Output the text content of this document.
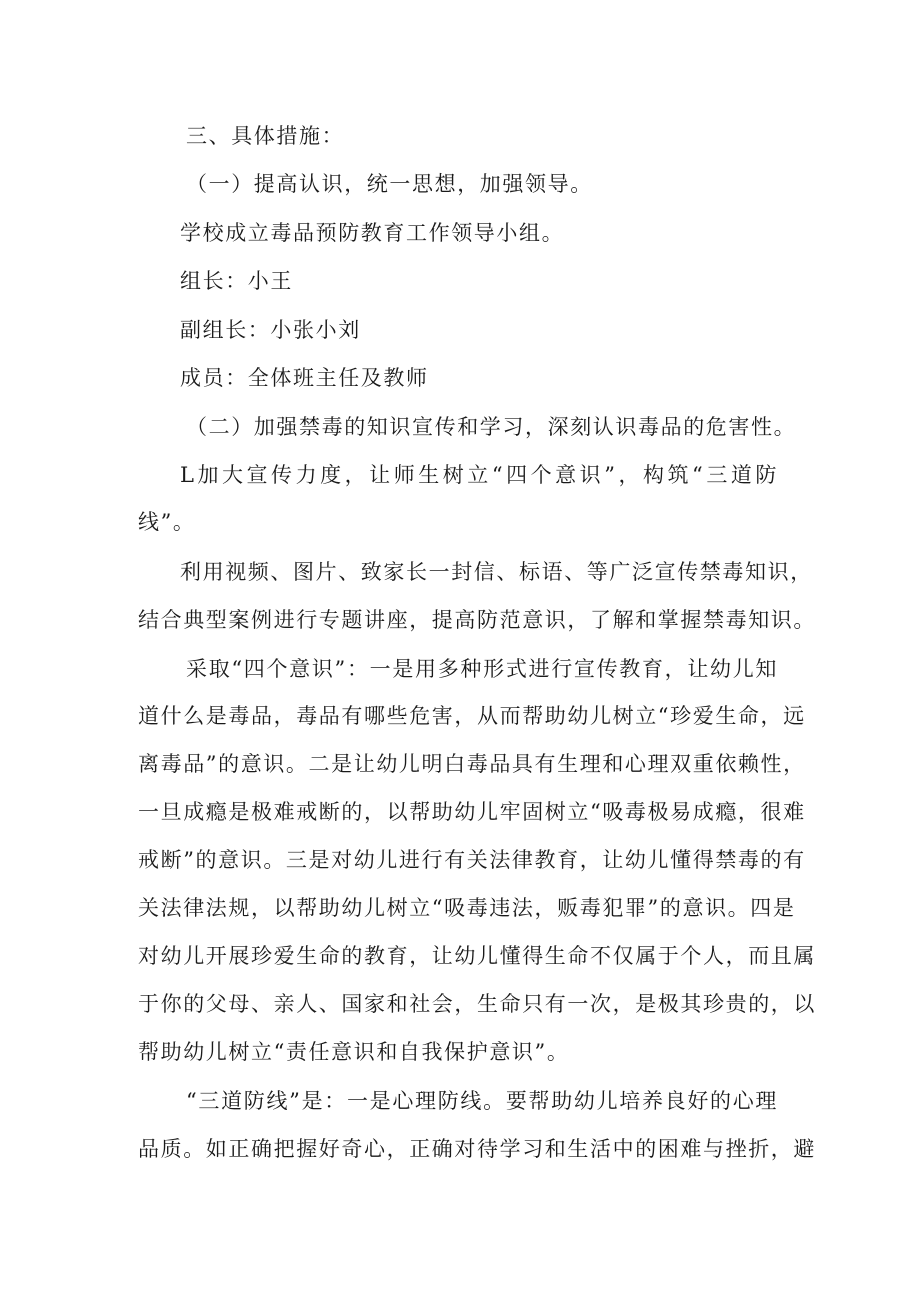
三、具体措施：
（一）提高认识，统一思想，加强领导。
学校成立毒品预防教育工作领导小组。
组长：小王
副组长：小张小刘
成员：全体班主任及教师
（二）加强禁毒的知识宣传和学习，深刻认识毒品的危害性。
L加大宣传力度，让师生树立“四个意识”，构筑“三道防
线”。
利用视频、图片、致家长一封信、标语、等广泛宣传禁毒知识，
结合典型案例进行专题讲座，提高防范意识，了解和掌握禁毒知识。
采取“四个意识”：一是用多种形式进行宣传教育，让幼儿知
道什么是毒品，毒品有哪些危害，从而帮助幼儿树立“珍爱生命，远
离毒品”的意识。二是让幼儿明白毒品具有生理和心理双重依赖性，
一旦成瘾是极难戒断的，以帮助幼儿牢固树立“吸毒极易成瘾，很难
戒断”的意识。三是对幼儿进行有关法律教育，让幼儿懂得禁毒的有
关法律法规，以帮助幼儿树立“吸毒违法，贩毒犯罪”的意识。四是
对幼儿开展珍爱生命的教育，让幼儿懂得生命不仅属于个人，而且属
于你的父母、亲人、国家和社会，生命只有一次，是极其珍贵的，以
帮助幼儿树立“责任意识和自我保护意识”。
“三道防线”是：一是心理防线。要帮助幼儿培养良好的心理
品质。如正确把握好奇心，正确对待学习和生活中的困难与挫折，避
